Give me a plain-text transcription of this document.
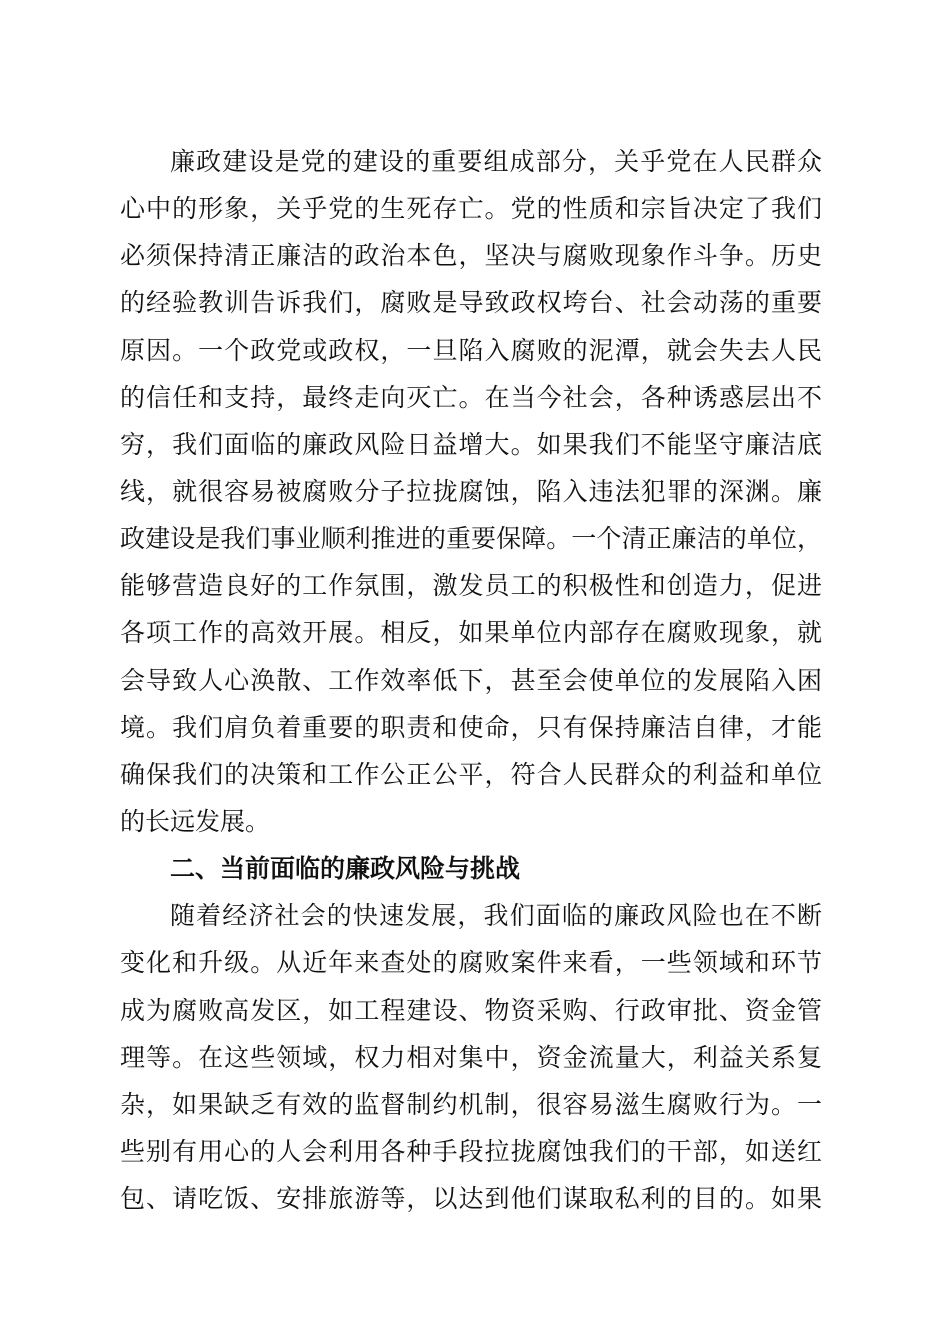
廉政建设是党的建设的重要组成部分，关乎党在人民群众
心中的形象，关乎党的生死存亡。党的性质和宗旨决定了我们
必须保持清正廉洁的政治本色，坚决与腐败现象作斗争。历史
的经验教训告诉我们，腐败是导致政权垮台、社会动荡的重要
原因。一个政党或政权，一旦陷入腐败的泥潭，就会失去人民
的信任和支持，最终走向灭亡。在当今社会，各种诱惑层出不
穷，我们面临的廉政风险日益增大。如果我们不能坚守廉洁底
线，就很容易被腐败分子拉拢腐蚀，陷入违法犯罪的深渊。廉
政建设是我们事业顺利推进的重要保障。一个清正廉洁的单位，
能够营造良好的工作氛围，激发员工的积极性和创造力，促进
各项工作的高效开展。相反，如果单位内部存在腐败现象，就
会导致人心涣散、工作效率低下，甚至会使单位的发展陷入困
境。我们肩负着重要的职责和使命，只有保持廉洁自律，才能
确保我们的决策和工作公正公平，符合人民群众的利益和单位
的长远发展。
二、当前面临的廉政风险与挑战
随着经济社会的快速发展，我们面临的廉政风险也在不断
变化和升级。从近年来查处的腐败案件来看，一些领域和环节
成为腐败高发区，如工程建设、物资采购、行政审批、资金管
理等。在这些领域，权力相对集中，资金流量大，利益关系复
杂，如果缺乏有效的监督制约机制，很容易滋生腐败行为。一
些别有用心的人会利用各种手段拉拢腐蚀我们的干部，如送红
包、请吃饭、安排旅游等，以达到他们谋取私利的目的。如果
